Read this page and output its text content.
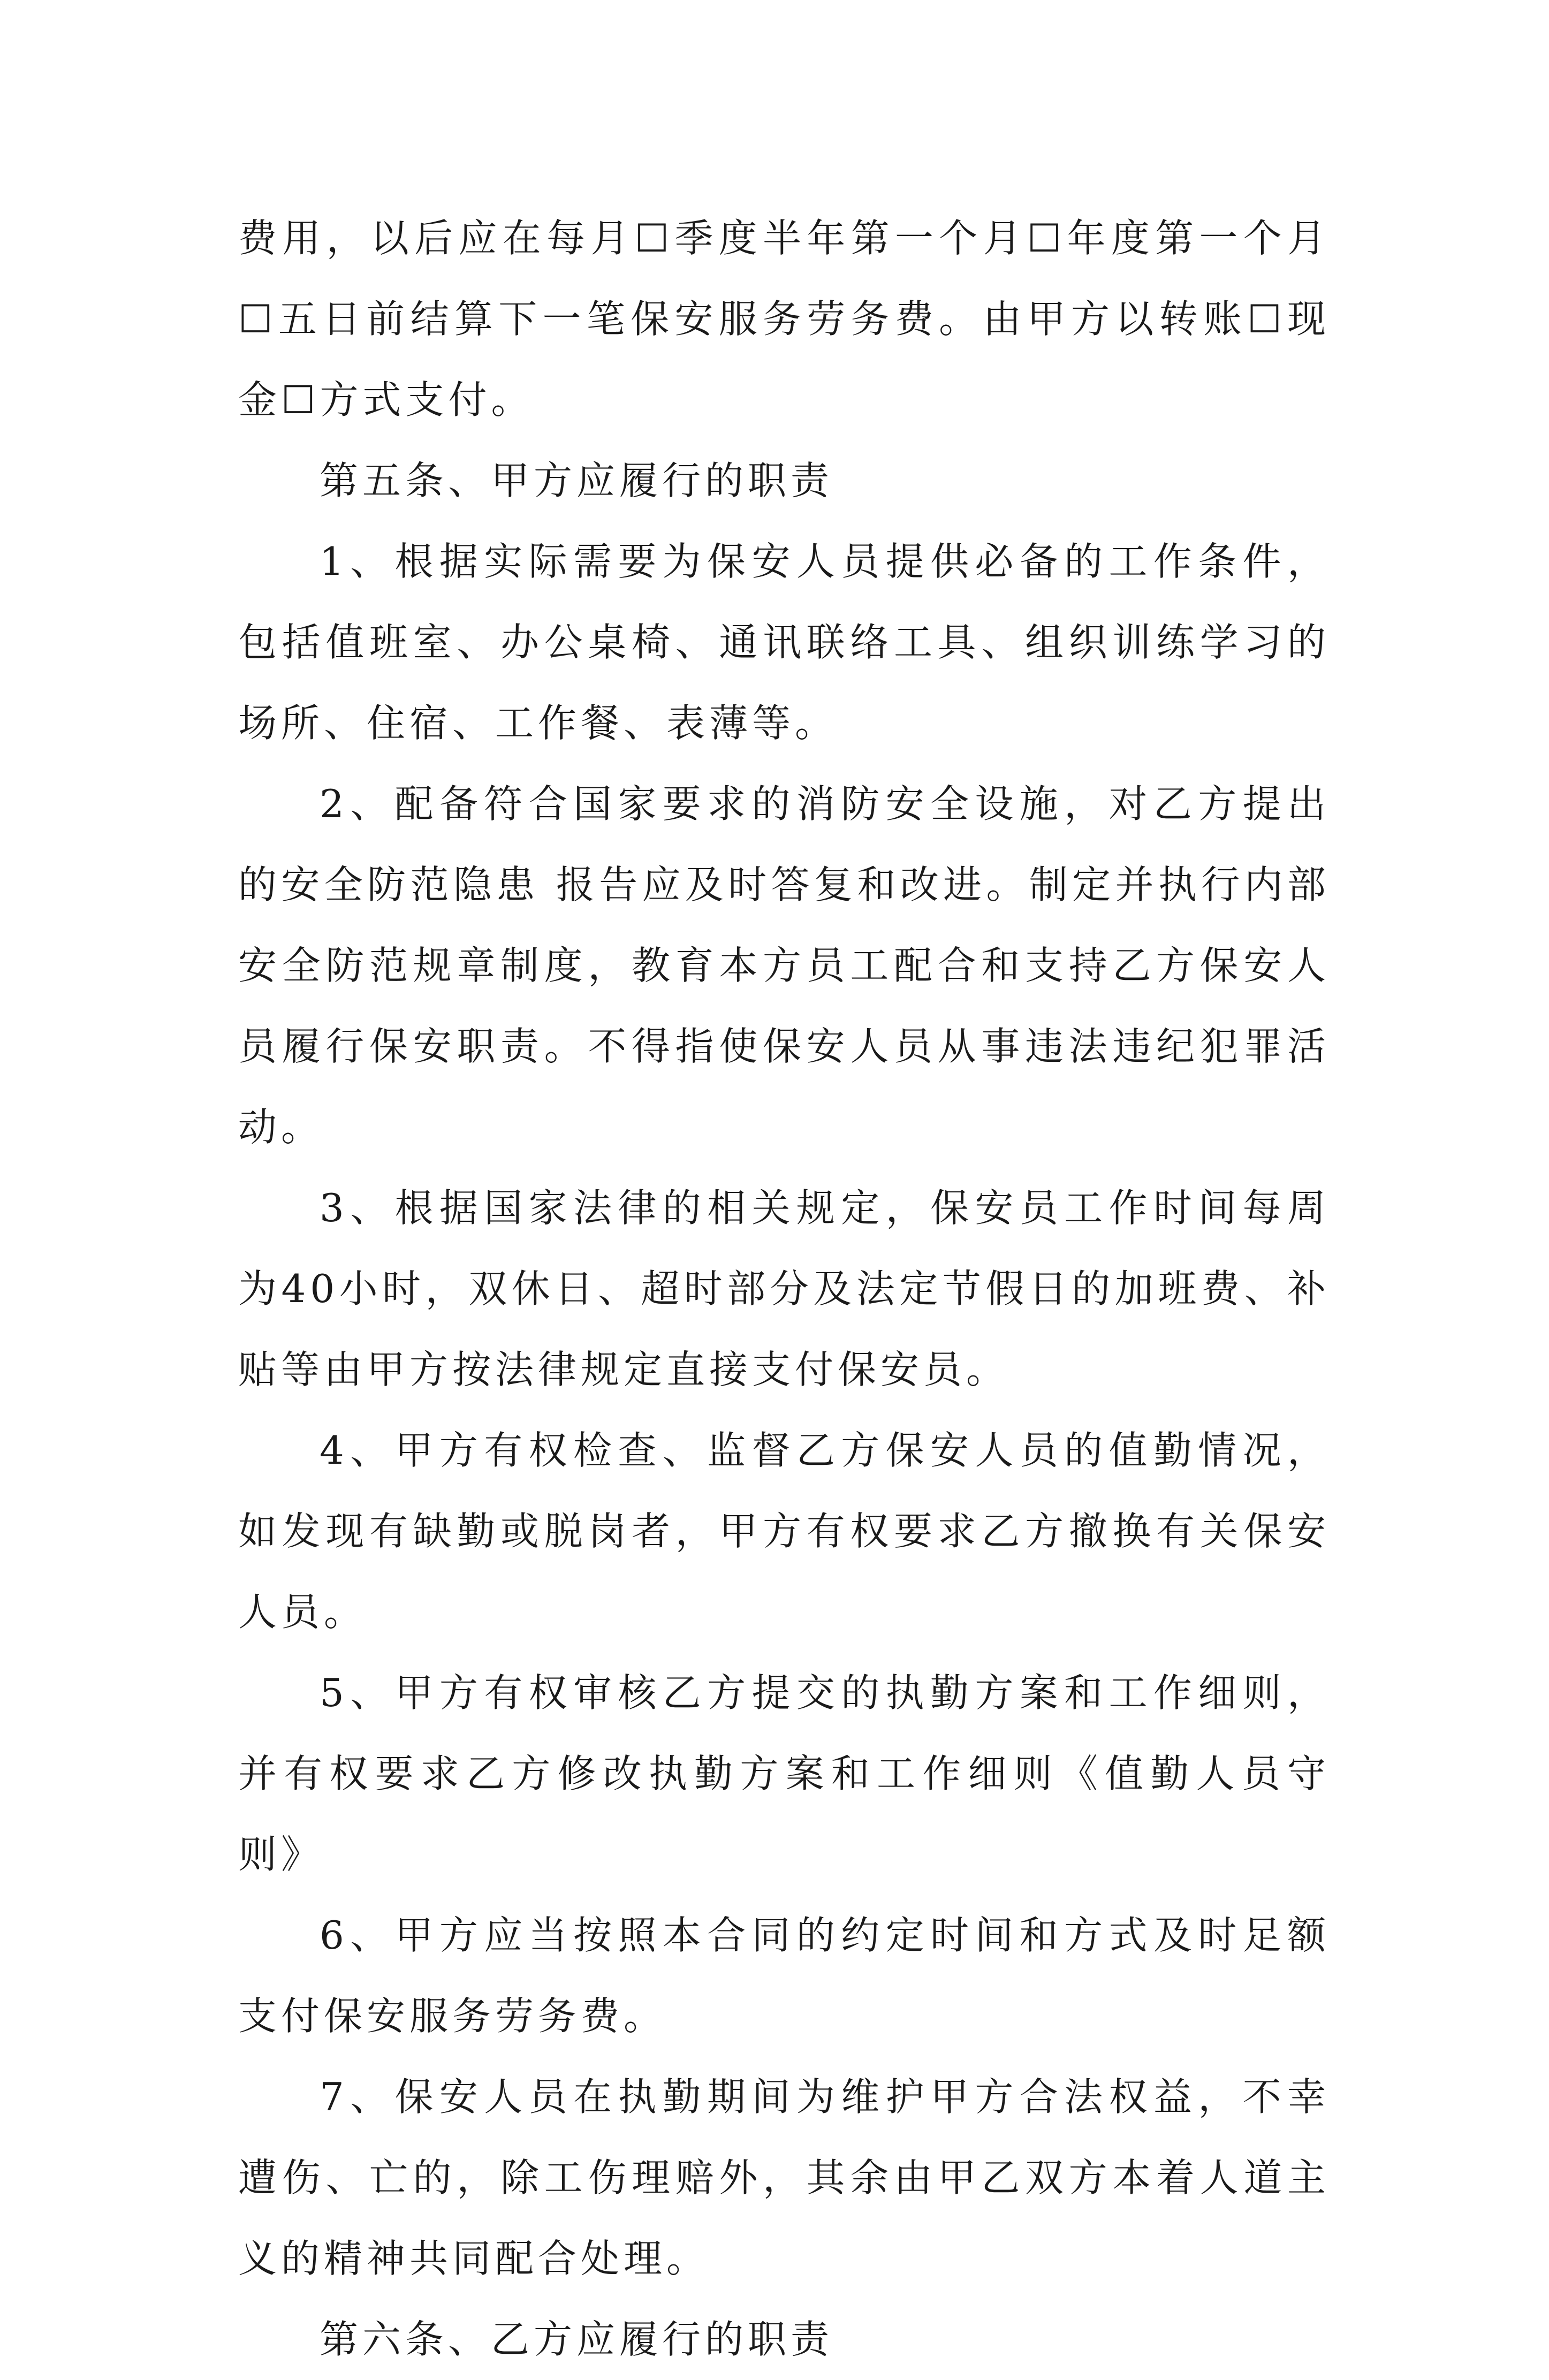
费用，以后应在每月☐季度半年第一个月☐年度第一个月☐五日前结算下一笔保安服务劳务费。由甲方以转账☐现金☐方式支付。

第五条、甲方应履行的职责

1、根据实际需要为保安人员提供必备的工作条件，包括值班室、办公桌椅、通讯联络工具、组织训练学习的场所、住宿、工作餐、表薄等。

2、配备符合国家要求的消防安全设施，对乙方提出的安全防范隐患 报告应及时答复和改进。制定并执行内部安全防范规章制度，教育本方员工配合和支持乙方保安人员履行保安职责。不得指使保安人员从事违法违纪犯罪活动。

3、根据国家法律的相关规定，保安员工作时间每周为40小时，双休日、超时部分及法定节假日的加班费、补贴等由甲方按法律规定直接支付保安员。

4、甲方有权检查、监督乙方保安人员的值勤情况，如发现有缺勤或脱岗者，甲方有权要求乙方撤换有关保安人员。

5、甲方有权审核乙方提交的执勤方案和工作细则，并有权要求乙方修改执勤方案和工作细则《值勤人员守则》

6、甲方应当按照本合同的约定时间和方式及时足额支付保安服务劳务费。

7、保安人员在执勤期间为维护甲方合法权益，不幸遭伤、亡的，除工伤理赔外，其余由甲乙双方本着人道主义的精神共同配合处理。

第六条、乙方应履行的职责
